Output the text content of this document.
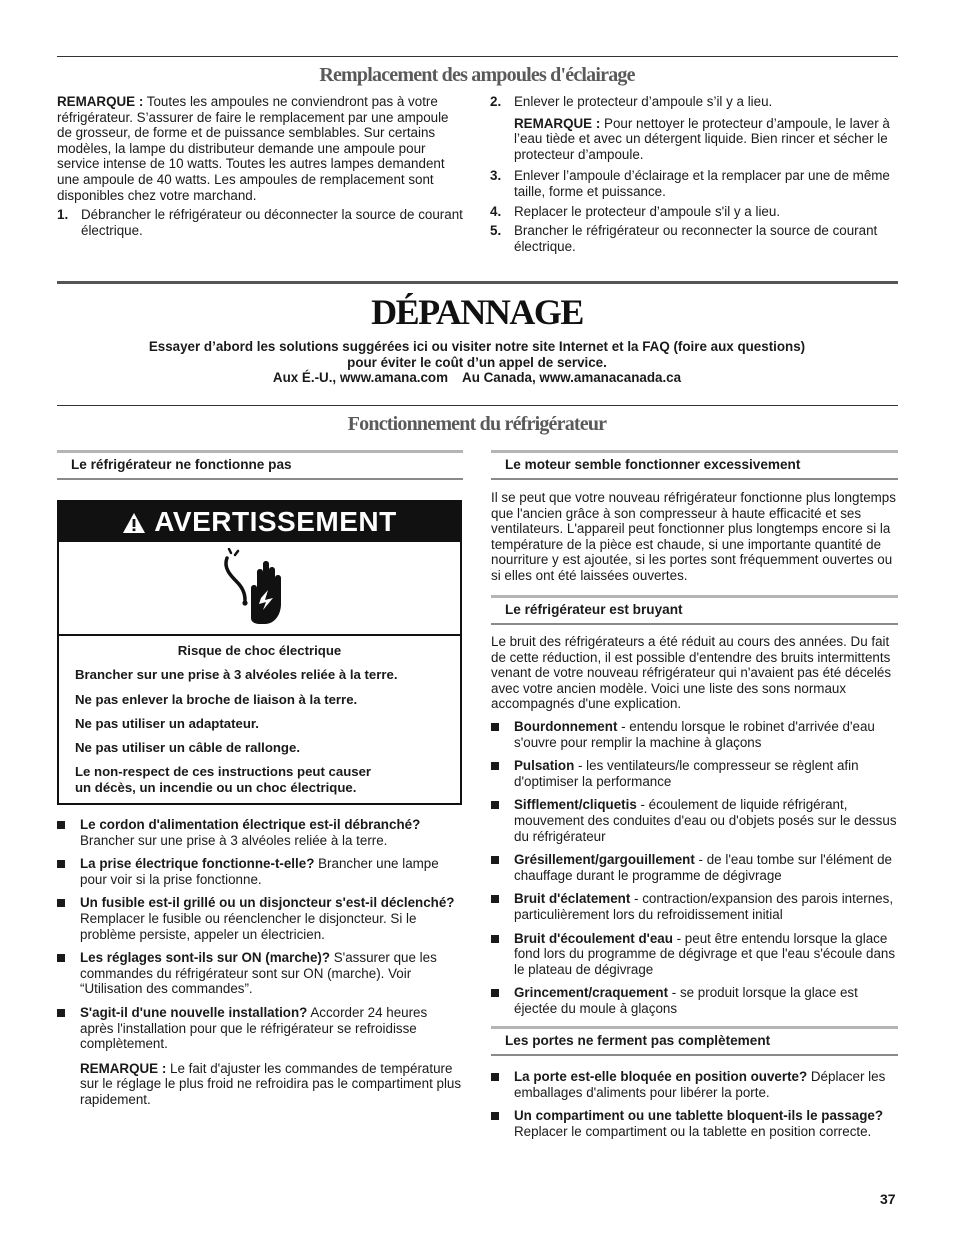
Remplacement des ampoules d'éclairage

REMARQUE : Toutes les ampoules ne conviendront pas à votre réfrigérateur. S’assurer de faire le remplacement par une ampoule de grosseur, de forme et de puissance semblables. Sur certains modèles, la lampe du distributeur demande une ampoule pour service intense de 10 watts. Toutes les autres lampes demandent une ampoule de 40 watts. Les ampoules de remplacement sont disponibles chez votre marchand.

1. Débrancher le réfrigérateur ou déconnecter la source de courant électrique.
2. Enlever le protecteur d’ampoule s’il y a lieu.

REMARQUE : Pour nettoyer le protecteur d’ampoule, le laver à l’eau tiède et avec un détergent liquide. Bien rincer et sécher le protecteur d’ampoule.

3. Enlever l’ampoule d’éclairage et la remplacer par une de même taille, forme et puissance.
4. Replacer le protecteur d’ampoule s'il y a lieu.
5. Brancher le réfrigérateur ou reconnecter la source de courant électrique.
DÉPANNAGE
Essayer d’abord les solutions suggérées ici ou visiter notre site Internet et la FAQ (foire aux questions)
pour éviter le coût d’un appel de service.
Aux É.-U., www.amana.com Au Canada, www.amanacanada.ca
Fonctionnement du réfrigérateur
Le réfrigérateur ne fonctionne pas
AVERTISSEMENT

Risque de choc électrique

Brancher sur une prise à 3 alvéoles reliée à la terre.

Ne pas enlever la broche de liaison à la terre.

Ne pas utiliser un adaptateur.

Ne pas utiliser un câble de rallonge.

Le non-respect de ces instructions peut causer

un décès, un incendie ou un choc électrique.

Le cordon d'alimentation électrique est-il débranché? Brancher sur une prise à 3 alvéoles reliée à la terre.
La prise électrique fonctionne-t-elle? Brancher une lampe pour voir si la prise fonctionne.
Un fusible est-il grillé ou un disjoncteur s'est-il déclenché? Remplacer le fusible ou réenclencher le disjoncteur. Si le problème persiste, appeler un électricien.
Les réglages sont-ils sur ON (marche)? S'assurer que les commandes du réfrigérateur sont sur ON (marche). Voir “Utilisation des commandes”.
S'agit-il d'une nouvelle installation? Accorder 24 heures après l'installation pour que le réfrigérateur se refroidisse complètement.

REMARQUE : Le fait d'ajuster les commandes de température sur le réglage le plus froid ne refroidira pas le compartiment plus rapidement.

Le moteur semble fonctionner excessivement

Il se peut que votre nouveau réfrigérateur fonctionne plus longtemps que l'ancien grâce à son compresseur à haute efficacité et ses ventilateurs. L'appareil peut fonctionner plus longtemps encore si la température de la pièce est chaude, si une importante quantité de nourriture y est ajoutée, si les portes sont fréquemment ouvertes ou si elles ont été laissées ouvertes.

Le réfrigérateur est bruyant

Le bruit des réfrigérateurs a été réduit au cours des années. Du fait de cette réduction, il est possible d'entendre des bruits intermittents venant de votre nouveau réfrigérateur qui n'avaient pas été décelés avec votre ancien modèle. Voici une liste des sons normaux accompagnés d'une explication.

Bourdonnement - entendu lorsque le robinet d'arrivée d'eau s'ouvre pour remplir la machine à glaçons
Pulsation - les ventilateurs/le compresseur se règlent afin d'optimiser la performance
Sifflement/cliquetis - écoulement de liquide réfrigérant, mouvement des conduites d'eau ou d'objets posés sur le dessus du réfrigérateur
Grésillement/gargouillement - de l'eau tombe sur l'élément de chauffage durant le programme de dégivrage
Bruit d'éclatement - contraction/expansion des parois internes, particulièrement lors du refroidissement initial
Bruit d'écoulement d'eau - peut être entendu lorsque la glace fond lors du programme de dégivrage et que l'eau s'écoule dans le plateau de dégivrage
Grincement/craquement - se produit lorsque la glace est éjectée du moule à glaçons
Les portes ne ferment pas complètement
La porte est-elle bloquée en position ouverte? Déplacer les emballages d'aliments pour libérer la porte.
Un compartiment ou une tablette bloquent-ils le passage? Replacer le compartiment ou la tablette en position correcte.
37
